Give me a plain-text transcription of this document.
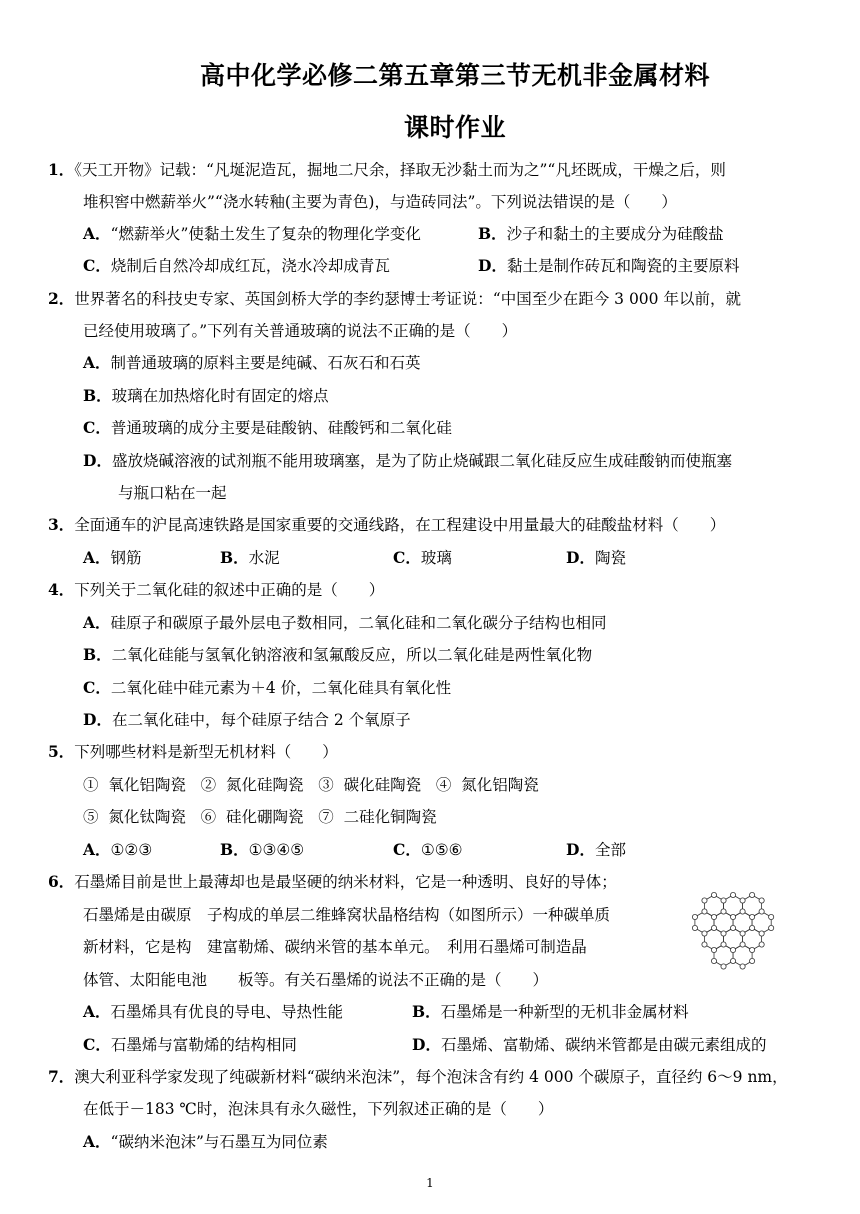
高中化学必修二第五章第三节无机非金属材料
课时作业
1．《天工开物》记载：“凡埏泥造瓦，掘地二尺余，择取无沙黏土而为之”“凡坯既成，干燥之后，则
堆积窖中燃薪举火”“浇水转釉(主要为青色)，与造砖同法”。下列说法错误的是（　　）
A．“燃薪举火”使黏土发生了复杂的物理化学变化	B．沙子和黏土的主要成分为硅酸盐
C．烧制后自然冷却成红瓦，浇水冷却成青瓦	D．黏土是制作砖瓦和陶瓷的主要原料
2．世界著名的科技史专家、英国剑桥大学的李约瑟博士考证说：“中国至少在距今 3 000 年以前，就
已经使用玻璃了。”下列有关普通玻璃的说法不正确的是（　　）
A．制普通玻璃的原料主要是纯碱、石灰石和石英
B．玻璃在加热熔化时有固定的熔点
C．普通玻璃的成分主要是硅酸钠、硅酸钙和二氧化硅
D．盛放烧碱溶液的试剂瓶不能用玻璃塞，是为了防止烧碱跟二氧化硅反应生成硅酸钠而使瓶塞
与瓶口粘在一起
3．全面通车的沪昆高速铁路是国家重要的交通线路，在工程建设中用量最大的硅酸盐材料（　　）
A．钢筋	B．水泥	C．玻璃	D．陶瓷
4．下列关于二氧化硅的叙述中正确的是（　　）
A．硅原子和碳原子最外层电子数相同，二氧化硅和二氧化碳分子结构也相同
B．二氧化硅能与氢氧化钠溶液和氢氟酸反应，所以二氧化硅是两性氧化物
C．二氧化硅中硅元素为＋4 价，二氧化硅具有氧化性
D．在二氧化硅中，每个硅原子结合 2 个氧原子
5．下列哪些材料是新型无机材料（　　）
①  氧化铝陶瓷   ②  氮化硅陶瓷   ③  碳化硅陶瓷   ④  氮化铝陶瓷
⑤  氮化钛陶瓷   ⑥  硅化硼陶瓷   ⑦  二硅化铜陶瓷
A．①②③	B．①③④⑤	C．①⑤⑥	D．全部
6．石墨烯目前是世上最薄却也是最坚硬的纳米材料，它是一种透明、良好的导体；
石墨烯是由碳原　子构成的单层二维蜂窝状晶格结构（如图所示）一种碳单质
新材料，它是构　建富勒烯、碳纳米管的基本单元。　利用石墨烯可制造晶
体管、太阳能电池　　板等。有关石墨烯的说法不正确的是（　　）
A．石墨烯具有优良的导电、导热性能	B．石墨烯是一种新型的无机非金属材料
C．石墨烯与富勒烯的结构相同	D．石墨烯、富勒烯、碳纳米管都是由碳元素组成的
7．澳大利亚科学家发现了纯碳新材料“碳纳米泡沫”，每个泡沫含有约 4 000 个碳原子，直径约 6～9 nm，
在低于－183 ℃时，泡沫具有永久磁性，下列叙述正确的是（　　）
A．“碳纳米泡沫”与石墨互为同位素
1
